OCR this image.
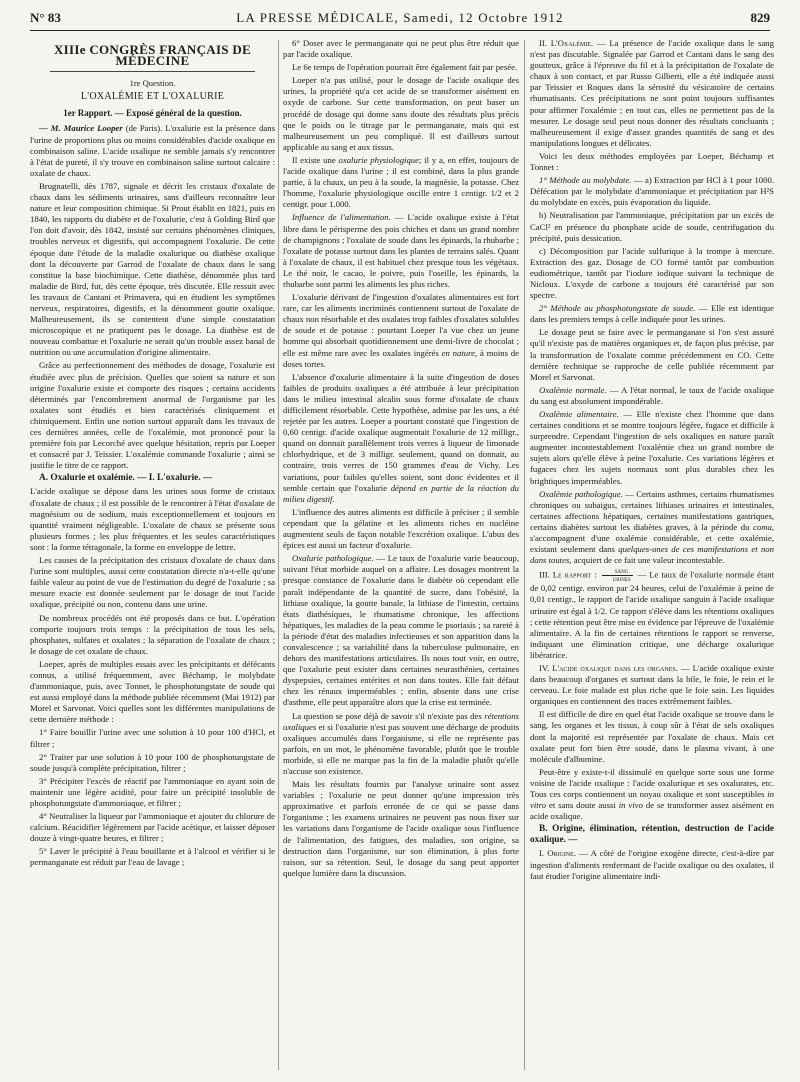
N° 83	LA PRESSE MÉDICALE, Samedi, 12 Octobre 1912	829
XIIIe CONGRÈS FRANÇAIS DE MÉDECINE
1re Question.
L'OXALÉMIE ET L'OXALURIE
1er Rapport. — Exposé général de la question.

— M. Maurice Looper (de Paris). L'oxalurie est la présence dans l'urine de proportions plus ou moins considérables d'acide oxalique en combinaison saline. L'acide oxalique ne semble jamais s'y rencontrer à l'état de pureté, il s'y trouve en combinaison saline surtout calcaire : oxalate de chaux.

Brugnatelli, dès 1787, signale et décrit les cristaux d'oxalate de chaux dans les sédiments urinaires, sans d'ailleurs reconnaître leur nature et leur composition chimique. Si Prout établit en 1821, puis en 1840, les rapports du diabète et de l'oxalurie, c'est à Golding Bird que l'on doit d'avoir, dès 1842, insisté sur certains phénomènes cliniques, troubles nerveux et digestifs, qui accompagnent l'oxalurie. De cette époque date l'étude de la maladie oxalurique ou diathèse oxalique dont la découverte par Garrod de l'oxalate de chaux dans le sang constitue la base biochimique. Cette diathèse, dénommée plus tard maladie de Bird, fut, dès cette époque, très discutée. Elle ressuit avec les travaux de Cantani et Primavera, qui en étudient les symptômes nerveux, respiratoires, digestifs, et la dénomment goutte oxalique. Malheureusement, ils se contentent d'une simple constatation microscopique et ne pratiquent pas le dosage. La diathèse est de nouveau combattue et l'oxalurie ne serait qu'un trouble assez banal de nutrition ou une accumulation d'origine alimentaire.

Grâce au perfectionnement des méthodes de dosage, l'oxalurie est étudiée avec plus de précision. Quelles que soient sa nature et son origine l'oxalurie existe et comporte des risques ; certains accidents déterminés par l'encombrement anormal de l'organisme par les oxalates sont étudiés et bien caractérisés cliniquement et chimiquement. Enfin une notion surtout apparaît dans les travaux de ces dernières années, celle de l'oxalémie, mot prononcé pour la première fois par Lecorché avec quelque hésitation, repris par Loeper et consacré par J. Teissier. L'oxalémie commande l'oxalurie ; ainsi se justifie le titre de ce rapport.

A. Oxalurie et oxalémie. — I. L'oxalurie. —

L'acide oxalique se dépose dans les urines sous forme de cristaux d'oxalate de chaux ; il est possible de le rencontrer à l'état d'oxalate de magnésium ou de sodium, mais exceptionnellement et toujours en quantité vraiment négligeable. L'oxalate de chaux se présente sous plusieurs formes ; les plus fréquentes et les seules caractéristiques sont : la forme tétragonale, la forme en enveloppe de lettre.

Les causes de la précipitation des cristaux d'oxalate de chaux dans l'urine sont multiples, aussi cette constatation directe n'a-t-elle qu'une faible valeur au point de vue de l'estimation du degré de l'oxalurie ; sa mesure exacte est donnée seulement par le dosage de tout l'acide oxalique, précipité ou non, contenu dans une urine.

De nombreux procédés ont été proposés dans ce but. L'opération comporte toujours trois temps : la précipitation de tous les sels, phosphates, sulfates et oxalates ; la séparation de l'oxalate de chaux ; le dosage de cet oxalate de chaux.

Loeper, après de multiples essais avec les précipitants et défécants connus, a utilisé fréquemment, avec Béchamp, le molybdate d'ammoniaque, puis, avec Tonnet, le phosphotungstate de soude qui est aussi employé dans la méthode publiée récemment (Mai 1912) par Morel et Sarvonat. Voici quelles sont les différentes manipulations de cette dernière méthode :

1° Faire bouillir l'urine avec une solution à 10 pour 100 d'HCl, et filtrer ;

2° Traiter par une solution à 10 pour 100 de phosphotungstate de soude jusqu'à complète précipitation, filtrer ;

3° Précipiter l'excès de réactif par l'ammoniaque en ayant soin de maintenir une légère acidité, pour faire un précipité insoluble de phosphotungstate d'ammoniaque, et filtrer ;

4° Neutraliser la liqueur par l'ammoniaque et ajouter du chlorure de calcium. Réacidifier légèrement par l'acide acétique, et laisser déposer douze à vingt-quatre heures, et filtrer ;

5° Laver le précipité à l'eau bouillante et à l'alcool et vérifier si le permanganate est réduit par l'eau de lavage ;

6° Doser avec le permanganate qui ne peut plus être réduit que par l'acide oxalique.

Le 6e temps de l'opération pourrait être également fait par pesée.

Loeper n'a pas utilisé, pour le dosage de l'acide oxalique des urines, la propriété qu'a cet acide de se transformer aisément en oxyde de carbone. Sur cette transformation, on peut baser un procédé de dosage qui donne sans doute des résultats plus précis que le poids ou le titrage par le permanganate, mais qui est malheureusement un peu compliqué. Il est d'ailleurs surtout applicable au sang et aux tissus.

Il existe une oxalurie physiologique; il y a, en effet, toujours de l'acide oxalique dans l'urine ; il est combiné, dans la plus grande partie, à la chaux, un peu à la soude, la magnésie, la potasse. Chez l'homme, l'oxalurie physiologique oscille entre 1 centigr. 1/2 et 2 centigr. pour 1.000.

Influence de l'alimentation. — L'acide oxalique existe à l'état libre dans le périsperme des pois chiches et dans un grand nombre de champignons ; l'oxalate de soude dans les épinards, la rhubarbe ; l'oxalate de potasse surtout dans les plantes de terrains salés. Quant à l'oxalate de chaux, il est habituel chez presque tous les végétaux. Le thé noir, le cacao, le poivre, puis l'oseille, les épinards, la rhubarbe sont parmi les aliments les plus riches.

L'oxalurie dérivant de l'ingestion d'oxalates alimentaires est fort rare, car les aliments incriminés contiennent surtout de l'oxalate de chaux non résorbable et des oxalates trop faibles d'oxalates solubles de soude et de potasse : pourtant Loeper l'a vue chez un jeune homme qui absorbait quotidiennement une demi-livre de chocolat ; elle est même rare avec les oxalates ingérés en nature, à moins de doses tortes.

L'absence d'oxalurie alimentaire à la suite d'ingestion de doses faibles de produits oxaliques a été attribuée à leur précipitation dans le milieu intestinal alcalin sous forme d'oxalate de chaux difficilement résorbable. Cette hypothèse, admise par les uns, a été rejetée par les autres. Loeper a pourtant constaté que l'ingestion de 0,60 centigr. d'acide oxalique augmentait l'oxalurie de 12 milligr., quand on donnait parallèlement trois verres à liqueur de limonade chlorhydrique, et de 3 milligr. seulement, quand on donnait, au contraire, trois verres de 150 grammes d'eau de Vichy. Les variations, pour faibles qu'elles soient, sont donc évidentes et il semble certain que l'oxalurie dépend en partie de la réaction du milieu digestif.

L'influence des autres aliments est difficile à préciser ; il semble cependant que la gélatine et les aliments riches en nucléine augmentent seuls de façon notable l'excrétion oxalique. L'abus des épices est aussi un facteur d'oxalurie.

Oxalurie pathologique. — Le taux de l'oxalurie varie beaucoup, suivant l'état morbide auquel on a affaire. Les dosages montrent la presque constance de l'oxalurie dans le diabète où cependant elle paraît indépendante de la quantité de sucre, dans l'obésité, la lithiase oxalique, la goutte banale, la lithiase de l'intestin, certains états diathésiques, le rhumatisme chronique, les affections hépatiques, les maladies de la peau comme le psoriasis ; sa rareté à la période d'état des maladies infectieuses et son apparition dans la convalescence ; sa variabilité dans la tuberculose pulmonaire, en dehors des manifestations articulaires. Ils nous tout voir, en outre, que l'oxalurie peut exister dans certaines neurasthénies, certaines dyspepsies, certaines entérites et non dans toutes. Elle fait défaut chez les rénaux imperméables ; enfin, absente dans une crise d'asthme, elle peut apparaître alors que la crise est terminée.

La question se pose déjà de savoir s'il n'existe pas des rétentions oxaliques et si l'oxalurie n'est pas souvent une décharge de produits oxaliques accumulés dans l'organisme, si elle ne représente pas parfois, en un mot, le phénomène favorable, plutôt que le trouble morbide, si elle ne marque pas la fin de la maladie plutôt qu'elle n'accuse son existence.

Mais les résultats fournis par l'analyse urinaire sont assez variables ; l'oxalurie ne peut donner qu'une impression très approximative et parfois erronée de ce qui se passe dans l'organisme ; les examens urinaires ne peuvent pas nous fixer sur les variations dans l'organisme de l'acide oxalique sous l'influence de l'alimentation, des fatigues, des maladies, son origine, sa destruction dans l'organisme, sur son élimination, à plus forte raison, sur sa rétention. Seul, le dosage du sang peut apporter quelque lumière dans la discussion.

II. L'Oxalémie. — La présence de l'acide oxalique dans le sang n'est pas discutable. Signalée par Garrod et Cantani dans le sang des goutteux, grâce à l'épreuve du fil et à la précipitation de l'oxalate de chaux à son contact, et par Russo Gilberti, elle a été indiquée aussi par Teissier et Roques dans la sérosité du vésicatoire de certains rhumatisants. Ces précipitations ne sont point toujours suffisantes pour affirmer l'oxalémie ; en tout cas, elles ne permettent pas de la mesurer. Le dosage seul peut nous donner des résultats concluants ; malheureusement il exige d'assez grandes quantités de sang et des manipulations longues et délicates.

Voici les deux méthodes employées par Loeper, Béchamp et Tonnet :

1° Méthode au molybdate. — a) Extraction par HCl à 1 pour 1000. Défécation par le molybdate d'ammoniaque et précipitation par H²S du molybdate en excès, puis évaporation du liquide.

b) Neutralisation par l'ammoniaque, précipitation par un excès de CaCl² en présence du phosphate acide de soude, centrifugation du précipité, puis dessication.

c) Décomposition par l'acide sulfurique à la trompe à mercure. Extraction des gaz. Dosage de CO formé tantôt par combustion eudiométrique, tantôt par l'iodure iodique suivant la technique de Nicloux. L'oxyde de carbone a toujours été caractérisé par son spectre.

2° Méthode au phosphotungstate de soude. — Elle est identique dans les premiers temps à celle indiquée pour les urines.

Le dosage peut se faire avec le permanganate si l'on s'est assuré qu'il n'existe pas de matières organiques et, de façon plus précise, par la transformation de l'oxalate comme précédemment en CO. Cette dernière technique se rapproche de celle publiée récemment par Morel et Sarvonat.

Oxalémie normale. — A l'état normal, le taux de l'acide oxalique du sang est absolument impondérable.

Oxalémie alimentaire. — Elle n'existe chez l'homme que dans certaines conditions et se montre toujours légère, fugace et difficile à surprendre. Cependant l'ingestion de sels oxaliques en nature paraît augmenter incontestablement l'oxalémie chez un grand nombre de sujets alors qu'elle élève à peine l'oxalurie. Ces variations légères et fugaces chez les sujets normaux sont plus durables chez les brightiques imperméables.

Oxalémie pathologique. — Certains asthmes, certains rhumatismes chroniques ou subaigus, certaines lithiases urinaires et intestinales, certaines affections hépatiques, certaines manifestations gastriques, certains diabètes surtout les diabètes graves, à la période du coma, s'accompagnent d'une oxalémie considérable, et cette oxalémie, existant seulement dans quelques-unes de ces manifestations et non dans toutes, acquiert de ce fait une valeur incontestable.

III. Le rapport : $\frac{\text{sang}}{\text{urines}}$ — Le taux de l'oxalurie normale étant de 0,02 centigr. environ par 24 heures, celui de l'oxalémie à peine de 0,01 centigr., le rapport de l'acide oxalique sanguin à l'acide oxalique urinaire est égal à 1/2. Ce rapport s'élève dans les rétentions oxaliques ; cette rétention peut être mise en évidence par l'épreuve de l'oxalémie alimentaire. A la fin de certaines rétentions le rapport se renverse, indiquant une élimination critique, une décharge oxalurique libératrice.

IV. L'acide oxalique dans les organes. — L'acide oxalique existe dans beaucoup d'organes et surtout dans la bile, le foie, le rein et le cerveau. Le foie malade est plus riche que le foie sain. Les liquides organiques en contiennent des traces extrêmement faibles.

Il est difficile de dire en quel état l'acide oxalique se trouve dans le sang, les organes et les tissus, à coup sûr à l'état de sels oxaliques dont la majorité est représentée par l'oxalate de chaux. Mais cet oxalate peut fort bien être soudé, dans le plasma vivant, à une molécule d'albumine.

Peut-être y existe-t-il dissimulé en quelque sorte sous une forme voisine de l'acide oxalique : l'acide oxalurique et ses oxalurates, etc. Tous ces corps contiennent un noyau oxalique et sont susceptibles in vitro et sans doute aussi in vivo de se transformer assez aisément en acide oxalique.

B. Origine, élimination, rétention, destruction de l'acide oxalique. —

I. Origine. — A côté de l'origine exogène directe, c'est-à-dire par ingestion d'aliments renfermant de l'acide oxalique ou des oxalates, il faut étudier l'origine alimentaire indi-
